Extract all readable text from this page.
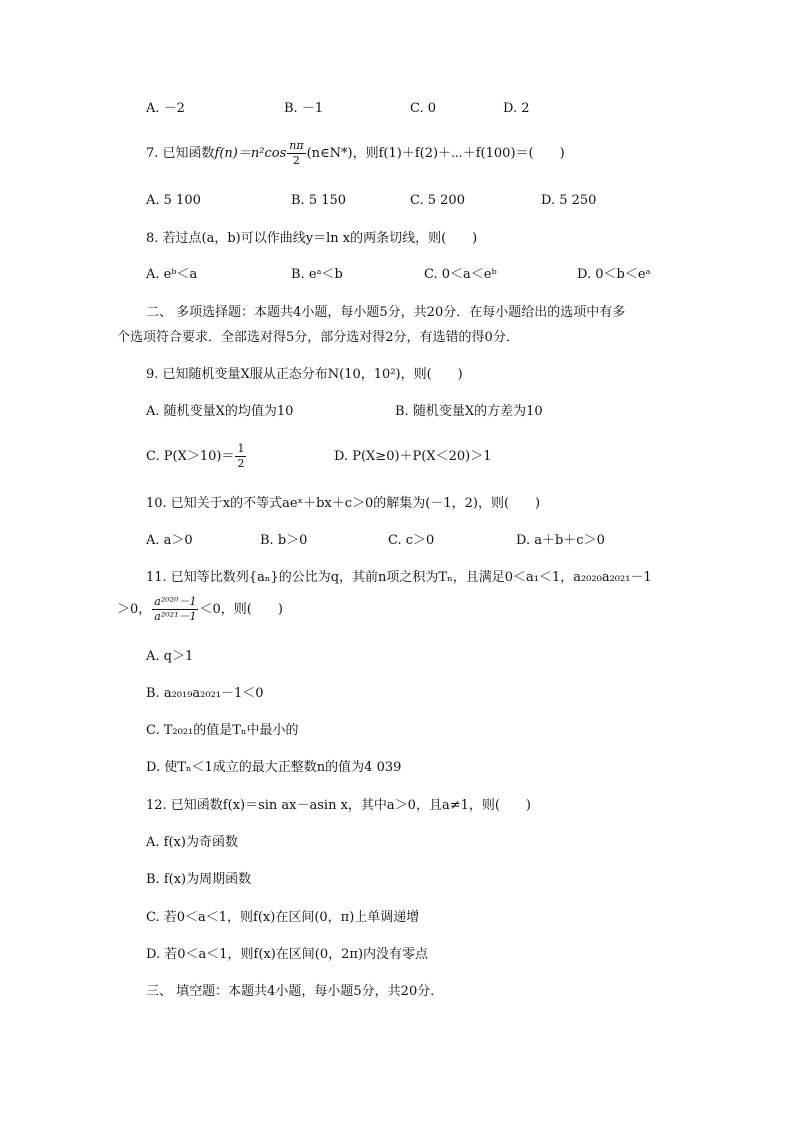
A. －2	B. －1	C. 0	D. 2
7. 已知函数$f(n)=n^2\cos \frac{n\pi}{2}$ (n∈N*)，则f(1)＋f(2)＋⋯＋f(100)＝(　　)
A. 5 100	B. 5 150	C. 5 200	D. 5 250
8. 若过点(a，b)可以作曲线y＝ln x的两条切线，则(　　)
A. eᵇ＜a	B. eᵃ＜b	C. 0＜a＜eᵇ	D. 0＜b＜eᵃ
二、 多项选择题：本题共4小题，每小题5分，共20分．在每小题给出的选项中有多
个选项符合要求．全部选对得5分，部分选对得2分，有选错的得0分．
9. 已知随机变量X服从正态分布N(10，10²)，则(　　)
A. 随机变量X的均值为10	B. 随机变量X的方差为10
C. $P(X>10)= \frac{1}{2}$	D. P(X≥0)＋P(X＜20)＞1
10. 已知关于x的不等式aeˣ＋bx＋c＞0的解集为(－1，2)，则(　　)
A. a＞0	B. b＞0	C. c＞0	D. a＋b＋c＞0
11. 已知等比数列{aₙ}的公比为q，其前n项之积为Tₙ，且满足0＜a₁＜1，a₂₀₂₀a₂₀₂₁－1
＞0， $\frac{\text{a²⁰²⁰－1}}{\text{a²⁰²¹－1}} <0$，则(　　)
A. q＞1
B. a₂₀₁₉a₂₀₂₁－1＜0
C. T₂₀₂₁的值是Tₙ中最小的
D. 使Tₙ＜1成立的最大正整数n的值为4 039
12. 已知函数f(x)＝sin ax－asin x，其中a＞0，且a≠1，则(　　)
A. f(x)为奇函数
B. f(x)为周期函数
C. 若0＜a＜1，则f(x)在区间(0，π)上单调递增
D. 若0＜a＜1，则f(x)在区间(0，2π)内没有零点
三、 填空题：本题共4小题，每小题5分，共20分．
